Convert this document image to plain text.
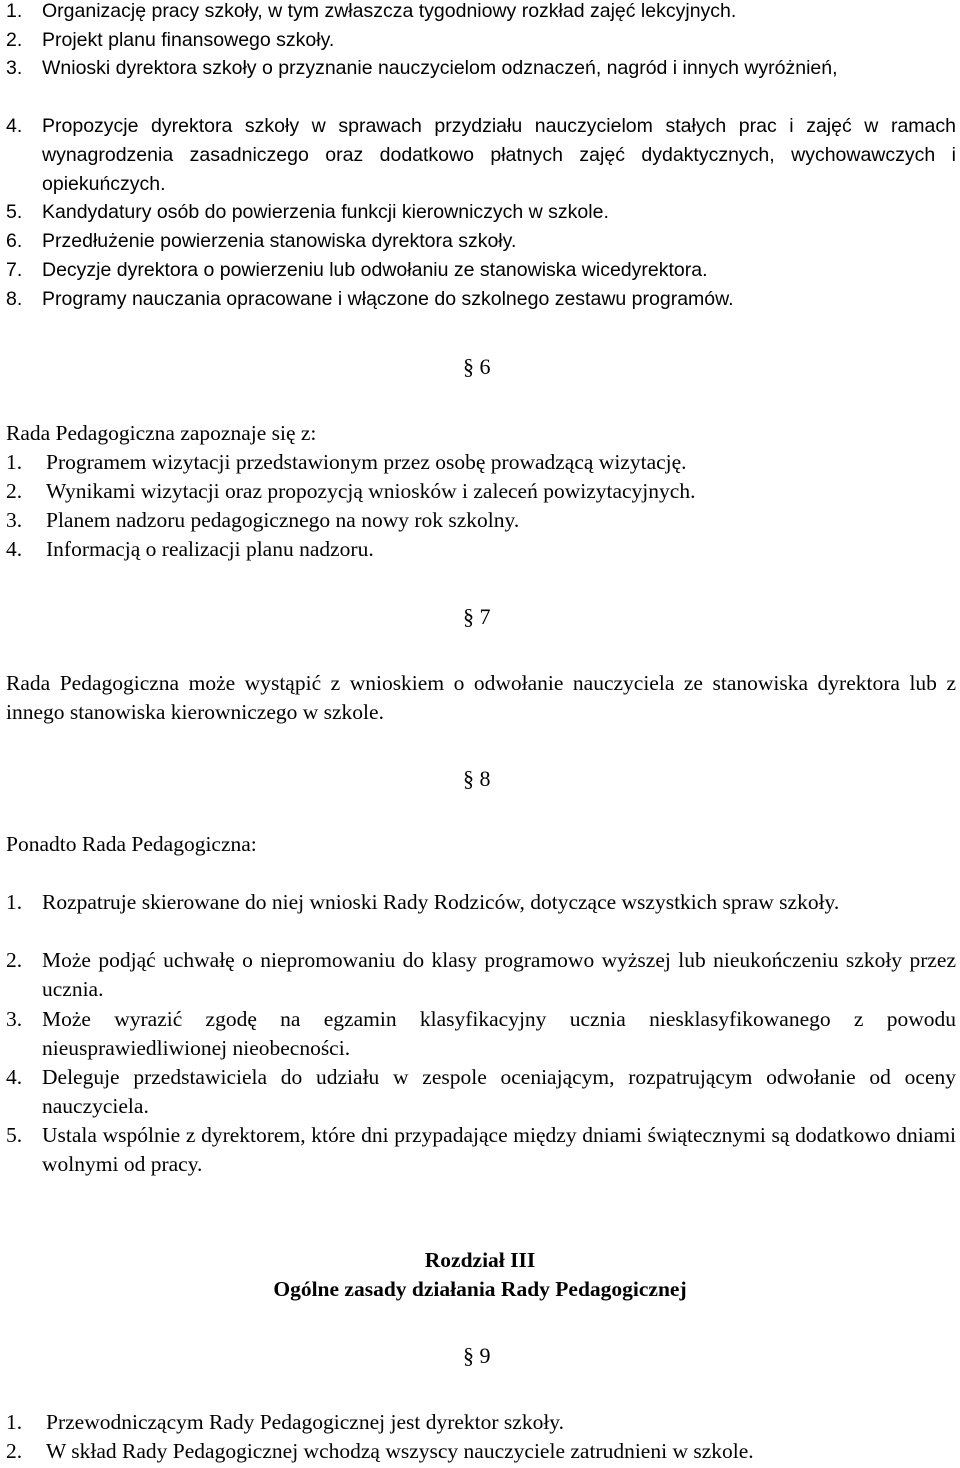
1. Organizację pracy szkoły, w tym zwłaszcza tygodniowy rozkład zajęć lekcyjnych.
2. Projekt planu finansowego szkoły.
3. Wnioski dyrektora szkoły o przyznanie nauczycielom odznaczeń, nagród i innych wyróżnień,
4. Propozycje dyrektora szkoły w sprawach przydziału nauczycielom stałych prac i zajęć w ramach wynagrodzenia zasadniczego oraz dodatkowo płatnych zajęć dydaktycznych, wychowawczych i opiekuńczych.
5. Kandydatury osób do powierzenia funkcji kierowniczych w szkole.
6. Przedłużenie powierzenia stanowiska dyrektora szkoły.
7. Decyzje dyrektora o powierzeniu lub odwołaniu ze stanowiska wicedyrektora.
8. Programy nauczania opracowane i włączone do szkolnego zestawu programów.
§ 6
Rada Pedagogiczna zapoznaje się z:
1. Programem wizytacji przedstawionym przez osobę prowadzącą wizytację.
2. Wynikami wizytacji oraz propozycją wniosków i zaleceń powizytacyjnych.
3. Planem nadzoru pedagogicznego na nowy rok szkolny.
4. Informacją o realizacji planu nadzoru.
§ 7
Rada Pedagogiczna może wystąpić z wnioskiem o odwołanie nauczyciela ze stanowiska dyrektora lub z innego stanowiska kierowniczego w szkole.
§ 8
Ponadto Rada Pedagogiczna:
1. Rozpatruje skierowane do niej wnioski Rady Rodziców, dotyczące wszystkich spraw szkoły.
2. Może podjąć uchwałę o niepromowaniu do klasy programowo wyższej lub nieukończeniu szkoły przez ucznia.
3. Może wyrazić zgodę na egzamin klasyfikacyjny ucznia niesklasyfikowanego z powodu nieusprawiedliwionej nieobecności.
4. Deleguje przedstawiciela do udziału w zespole oceniającym, rozpatrującym odwołanie od oceny nauczyciela.
5. Ustala wspólnie z dyrektorem, które dni przypadające między dniami świątecznymi są dodatkowo dniami wolnymi od pracy.
Rozdział III
Ogólne zasady działania Rady Pedagogicznej
§ 9
1. Przewodniczącym Rady Pedagogicznej jest dyrektor szkoły.
2. W skład Rady Pedagogicznej wchodzą wszyscy nauczyciele zatrudnieni w szkole.
